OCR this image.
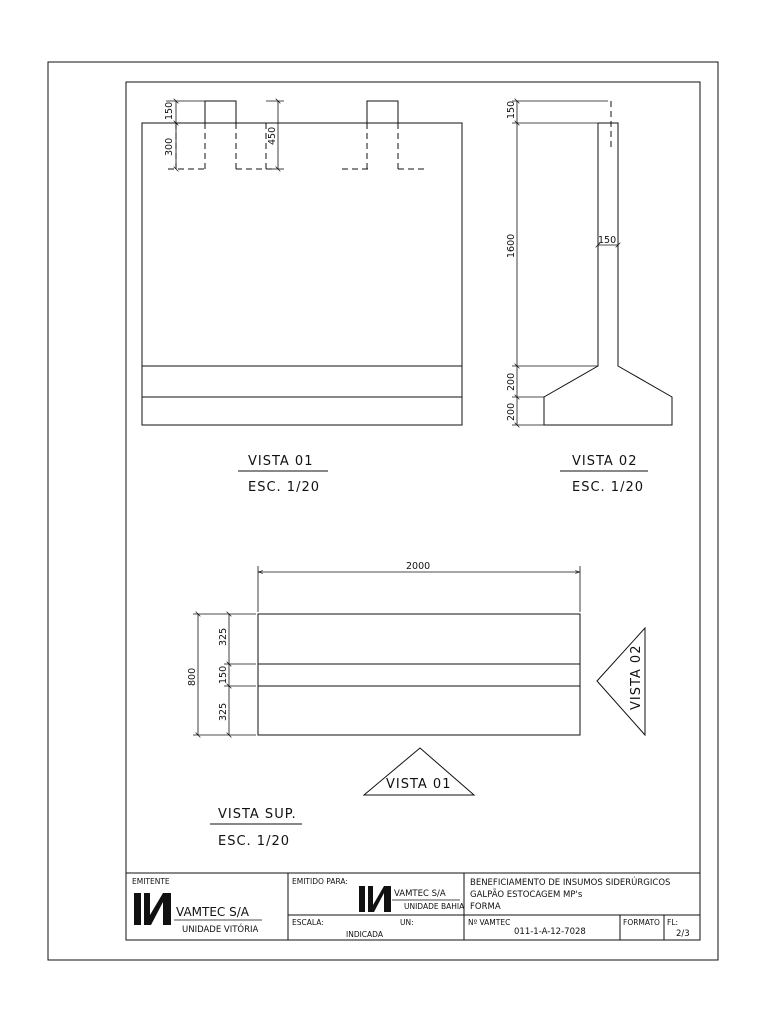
150
300
450
VISTA 01
ESC. 1/20
150
1600	150
200
200
VISTA 02
ESC. 1/20
2000
800
325
150
325
VISTA 02
VISTA 01
VISTA SUP.
ESC. 1/20
EMITENTE
VAMTEC S/A
UNIDADE VITÓRIA
EMITIDO PARA:
VAMTEC S/A
UNIDADE BAHIA
BENEFICIAMENTO DE INSUMOS SIDERÚRGICOS
GALPÃO ESTOCAGEM MP's
FORMA
ESCALA:	UN:
INDICADA
Nº VAMTEC
011-1-A-12-7028
FORMATO FL:
2/3
